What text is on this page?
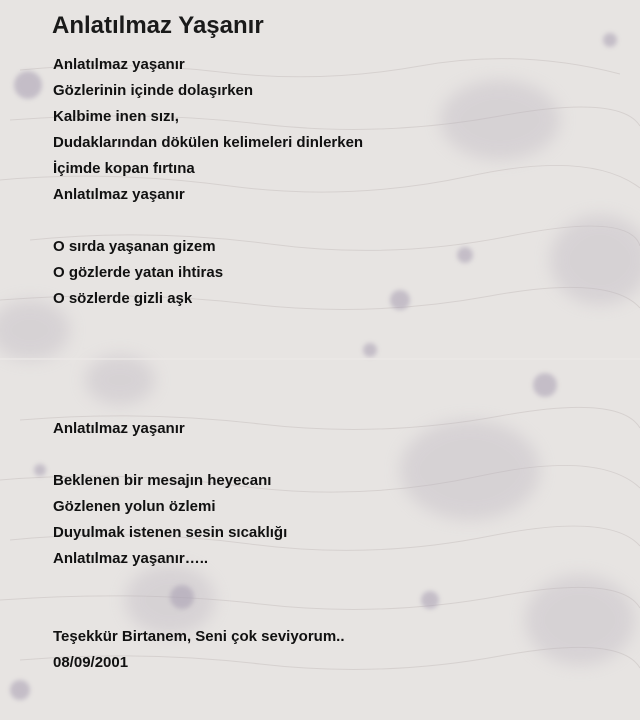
Anlatılmaz Yaşanır
Anlatılmaz yaşanır
Gözlerinin içinde dolaşırken
Kalbime inen sızı,
Dudaklarından dökülen kelimeleri dinlerken
İçimde kopan fırtına
Anlatılmaz yaşanır
O sırda yaşanan gizem
O gözlerde yatan ihtiras
O sözlerde gizli aşk
Anlatılmaz yaşanır
Beklenen bir mesajın heyecanı
Gözlenen yolun özlemi
Duyulmak istenen sesin sıcaklığı
Anlatılmaz yaşanır…..
Teşekkür Birtanem, Seni çok seviyorum..
08/09/2001
